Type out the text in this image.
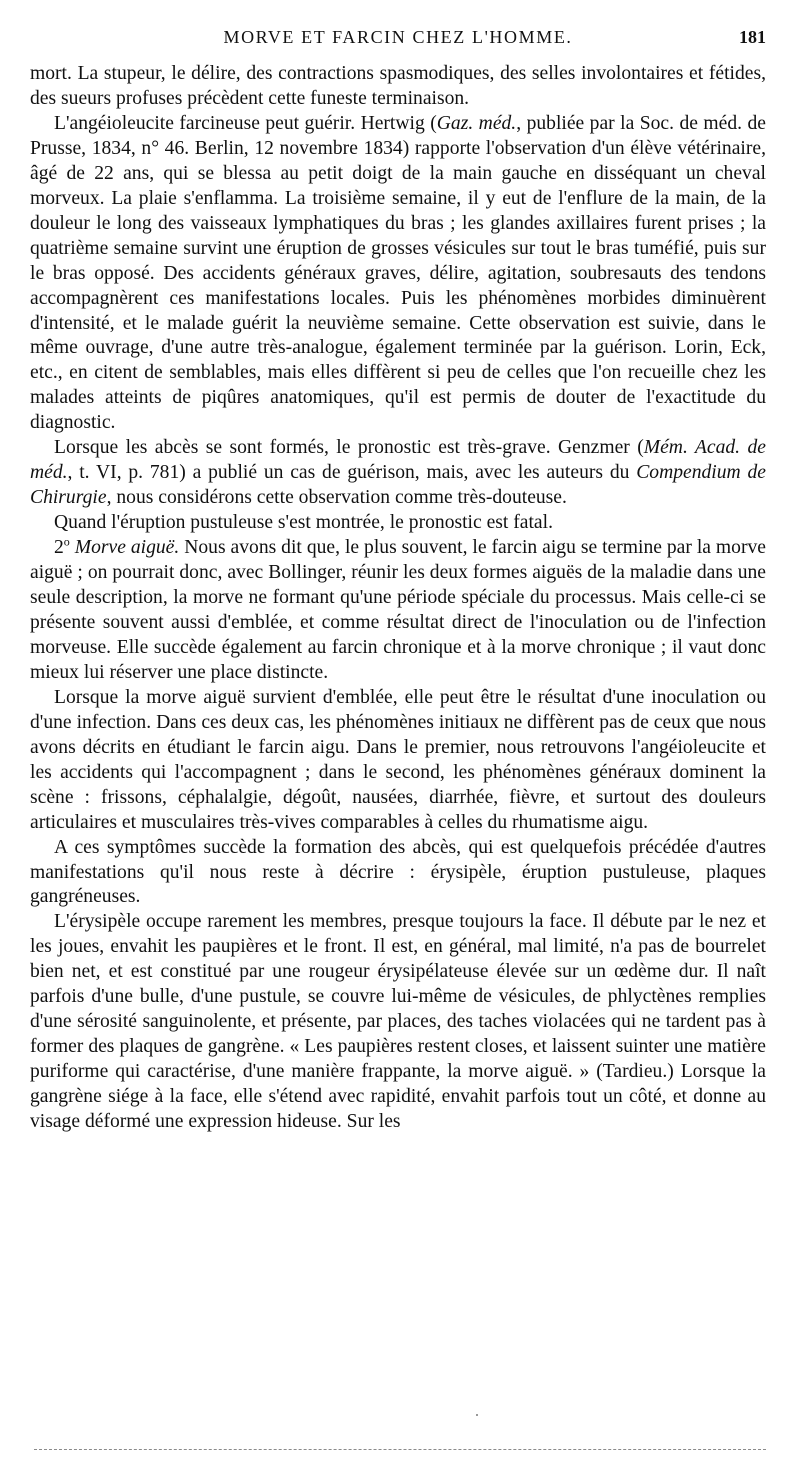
MORVE ET FARCIN CHEZ L'HOMME.	181

mort. La stupeur, le délire, des contractions spasmodiques, des selles involontaires et fétides, des sueurs profuses précèdent cette funeste terminaison.

L'angéioleucite farcineuse peut guérir. Hertwig (Gaz. méd., publiée par la Soc. de méd. de Prusse, 1834, n° 46. Berlin, 12 novembre 1834) rapporte l'observation d'un élève vétérinaire, âgé de 22 ans, qui se blessa au petit doigt de la main gauche en disséquant un cheval morveux. La plaie s'enflamma. La troisième semaine, il y eut de l'enflure de la main, de la douleur le long des vaisseaux lymphatiques du bras ; les glandes axillaires furent prises ; la quatrième semaine survint une éruption de grosses vésicules sur tout le bras tuméfié, puis sur le bras opposé. Des accidents généraux graves, délire, agitation, soubresauts des tendons accompagnèrent ces manifestations locales. Puis les phénomènes morbides diminuèrent d'intensité, et le malade guérit la neuvième semaine. Cette observation est suivie, dans le même ouvrage, d'une autre très-analogue, également terminée par la guérison. Lorin, Eck, etc., en citent de semblables, mais elles diffèrent si peu de celles que l'on recueille chez les malades atteints de piqûres anatomiques, qu'il est permis de douter de l'exactitude du diagnostic.

Lorsque les abcès se sont formés, le pronostic est très-grave. Genzmer (Mém. Acad. de méd., t. VI, p. 781) a publié un cas de guérison, mais, avec les auteurs du Compendium de Chirurgie, nous considérons cette observation comme très-douteuse.

Quand l'éruption pustuleuse s'est montrée, le pronostic est fatal.

2$^o$ Morve aiguë. Nous avons dit que, le plus souvent, le farcin aigu se termine par la morve aiguë ; on pourrait donc, avec Bollinger, réunir les deux formes aiguës de la maladie dans une seule description, la morve ne formant qu'une période spéciale du processus. Mais celle-ci se présente souvent aussi d'emblée, et comme résultat direct de l'inoculation ou de l'infection morveuse. Elle succède également au farcin chronique et à la morve chronique ; il vaut donc mieux lui réserver une place distincte.

Lorsque la morve aiguë survient d'emblée, elle peut être le résultat d'une inoculation ou d'une infection. Dans ces deux cas, les phénomènes initiaux ne diffèrent pas de ceux que nous avons décrits en étudiant le farcin aigu. Dans le premier, nous retrouvons l'angéioleucite et les accidents qui l'accompagnent ; dans le second, les phénomènes généraux dominent la scène : frissons, céphalalgie, dégoût, nausées, diarrhée, fièvre, et surtout des douleurs articulaires et musculaires très-vives comparables à celles du rhumatisme aigu.

A ces symptômes succède la formation des abcès, qui est quelquefois précédée d'autres manifestations qu'il nous reste à décrire : érysipèle, éruption pustuleuse, plaques gangréneuses.

L'érysipèle occupe rarement les membres, presque toujours la face. Il débute par le nez et les joues, envahit les paupières et le front. Il est, en général, mal limité, n'a pas de bourrelet bien net, et est constitué par une rougeur érysipélateuse élevée sur un œdème dur. Il naît parfois d'une bulle, d'une pustule, se couvre lui-même de vésicules, de phlyctènes remplies d'une sérosité sanguinolente, et présente, par places, des taches violacées qui ne tardent pas à former des plaques de gangrène. « Les paupières restent closes, et laissent suinter une matière puriforme qui caractérise, d'une manière frappante, la morve aiguë. » (Tardieu.) Lorsque la gangrène siége à la face, elle s'étend avec rapidité, envahit parfois tout un côté, et donne au visage déformé une expression hideuse. Sur les
